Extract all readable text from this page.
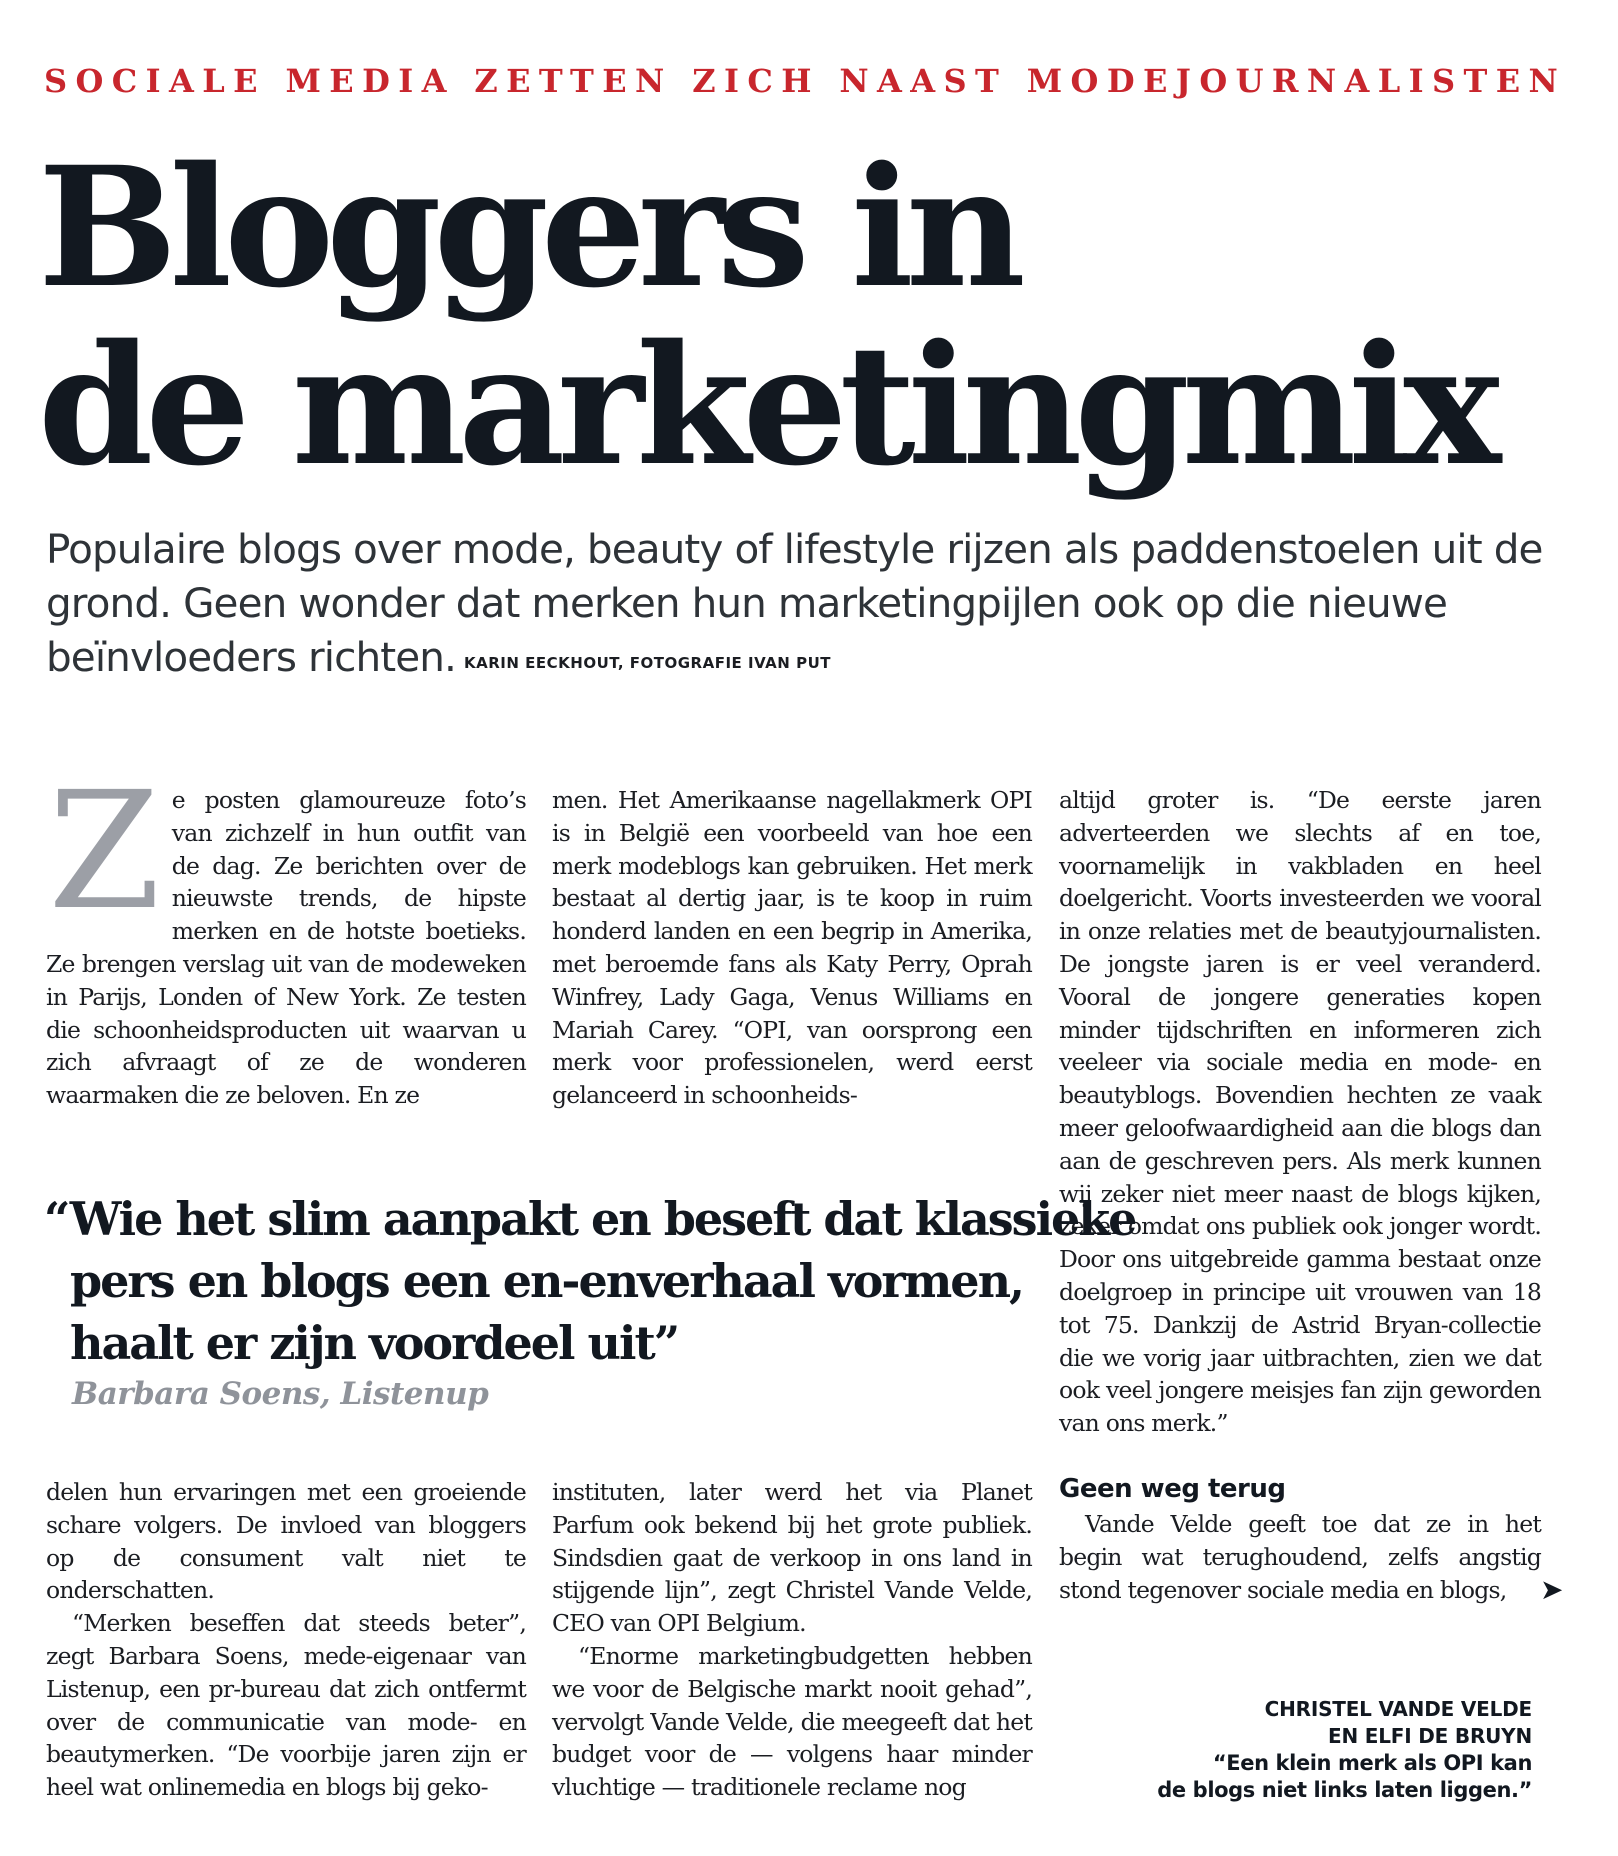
SOCIALE MEDIA ZETTEN ZICH NAAST MODEJOURNALISTEN
Bloggers in
de marketingmix

Populaire blogs over mode, beauty of lifestyle rijzen als paddenstoelen uit de grond. Geen wonder dat merken hun marketingpijlen ook op die nieuwe beïnvloeders richten. KARIN EECKHOUT, FOTOGRAFIE IVAN PUT

Z e posten glamoureuze foto’s van zichzelf in hun outfit van de dag. Ze berichten over de nieuwste trends, de hipste merken en de hotste boetieks. Ze brengen verslag uit van de modeweken in Parijs, Londen of New York. Ze testen die schoonheidsproducten uit waarvan u zich afvraagt of ze de wonderen waarmaken die ze beloven. En ze

men. Het Amerikaanse nagellakmerk OPI is in België een voorbeeld van hoe een merk modeblogs kan gebruiken. Het merk bestaat al dertig jaar, is te koop in ruim honderd landen en een begrip in Amerika, met beroemde fans als Katy Perry, Oprah Winfrey, Lady Gaga, Venus Williams en Mariah Carey. “OPI, van oorsprong een merk voor professionelen, werd eerst gelanceerd in schoonheids-

altijd groter is. “De eerste jaren adverteerden we slechts af en toe, voornamelijk in vakbladen en heel doelgericht. Voorts investeerden we vooral in onze relaties met de beautyjournalisten. De jongste jaren is er veel veranderd. Vooral de jongere generaties kopen minder tijdschriften en informeren zich veeleer via sociale media en mode- en beautyblogs. Bovendien hechten ze vaak meer geloofwaardigheid aan die blogs dan aan de geschreven pers. Als merk kunnen wij zeker niet meer naast de blogs kijken, zeker omdat ons publiek ook jonger wordt. Door ons uitgebreide gamma bestaat onze doelgroep in principe uit vrouwen van 18 tot 75. Dankzij de Astrid Bryan-collectie die we vorig jaar uitbrachten, zien we dat ook veel jongere meisjes fan zijn geworden van ons merk.”

“Wie het slim aanpakt en beseft dat klassieke
pers en blogs een en-enverhaal vormen,
haalt er zijn voordeel uit”
Barbara Soens, Listenup

delen hun ervaringen met een groeiende schare volgers. De invloed van bloggers op de consument valt niet te onderschatten.

“Merken beseffen dat steeds beter”, zegt Barbara Soens, mede-eigenaar van Listenup, een pr-bureau dat zich ontfermt over de communicatie van mode- en beautymerken. “De voorbije jaren zijn er heel wat onlinemedia en blogs bij geko-

instituten, later werd het via Planet Parfum ook bekend bij het grote publiek. Sindsdien gaat de verkoop in ons land in stijgende lijn”, zegt Christel Vande Velde, CEO van OPI Belgium.

“Enorme marketingbudgetten hebben we voor de Belgische markt nooit gehad”, vervolgt Vande Velde, die meegeeft dat het budget voor de — volgens haar minder vluchtige — traditionele reclame nog

Geen weg terug

Vande Velde geeft toe dat ze in het begin wat terughoudend, zelfs angstig stond tegenover sociale media en blogs,	➤

CHRISTEL VANDE VELDE
EN ELFI DE BRUYN
“Een klein merk als OPI kan
de blogs niet links laten liggen.”
